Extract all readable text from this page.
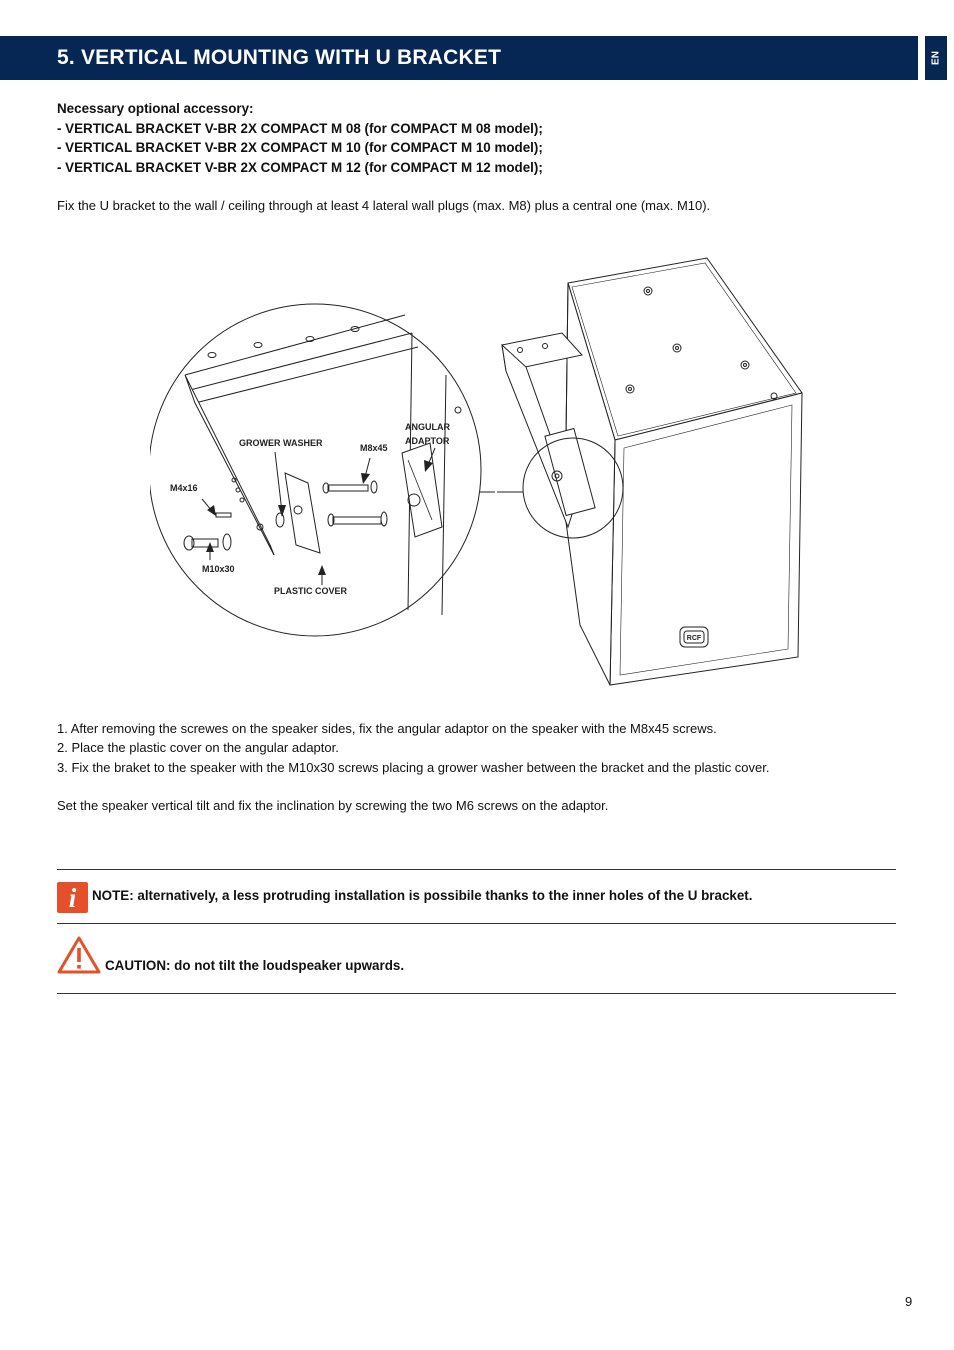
5. VERTICAL MOUNTING WITH U BRACKET	EN
Necessary optional accessory:
- VERTICAL BRACKET V-BR 2X COMPACT M 08 (for COMPACT M 08 model);
- VERTICAL BRACKET V-BR 2X COMPACT M 10 (for COMPACT M 10 model);
- VERTICAL BRACKET V-BR 2X COMPACT M 12 (for COMPACT M 12 model);
Fix the U bracket to the wall / ceiling through at least 4 lateral wall plugs (max. M8) plus a central one (max. M10).
RCF
GROWER WASHER	M8x45
ANGULAR
ADAPTOR
M4x16
M10x30
PLASTIC COVER
1. After removing the screwes on the speaker sides, fix the angular adaptor on the speaker with the M8x45 screws.
2. Place the plastic cover on the angular adaptor.
3. Fix the braket to the speaker with the M10x30 screws placing a grower washer between the bracket and the plastic cover.
Set the speaker vertical tilt and fix the inclination by screwing the two M6 screws on the adaptor.
i	NOTE: alternatively, a less protruding installation is possibile thanks to the inner holes of the U bracket.
CAUTION: do not tilt the loudspeaker upwards.
9
